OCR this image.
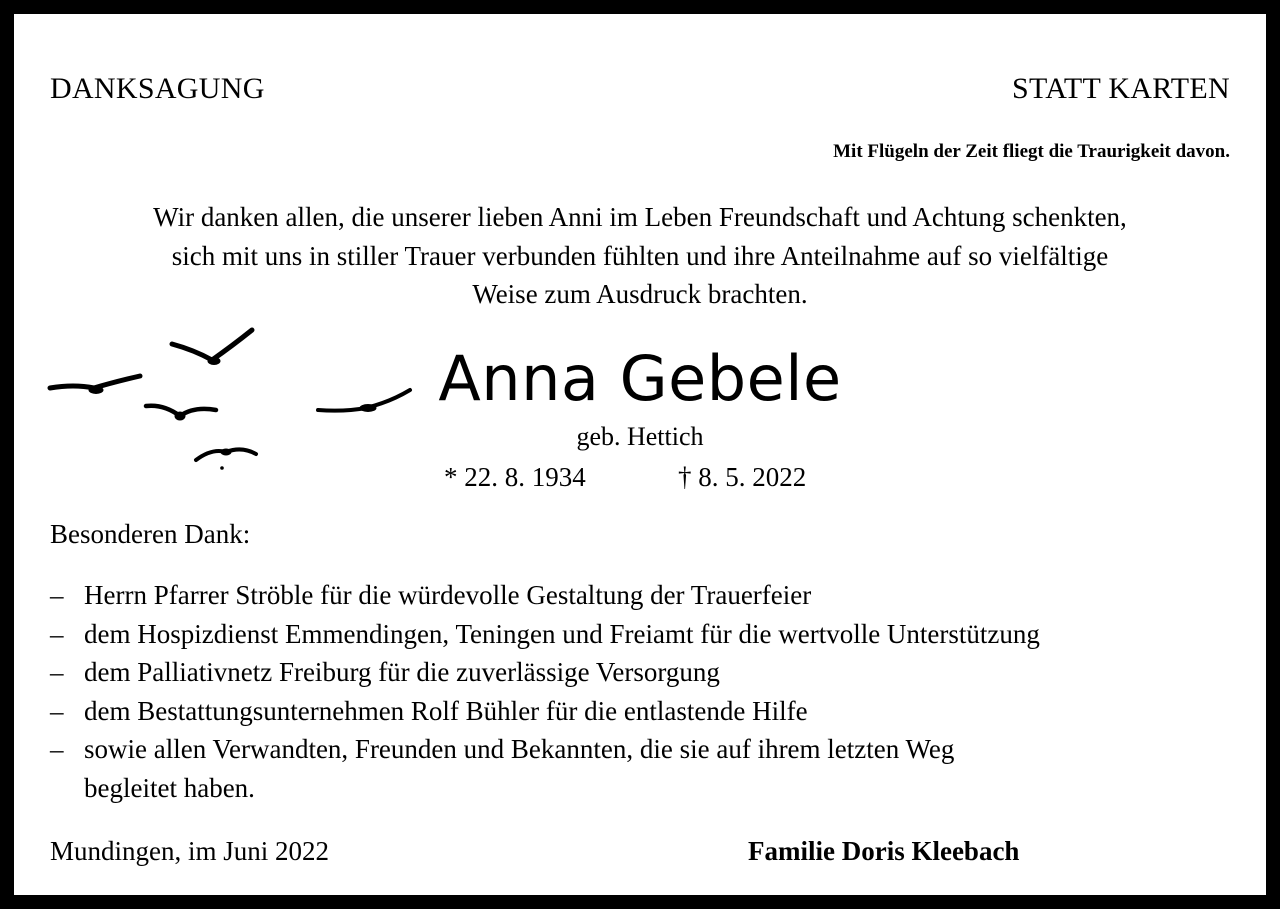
DANKSAGUNG	STATT KARTEN
Mit Flügeln der Zeit fliegt die Traurigkeit davon.
Wir danken allen, die unserer lieben Anni im Leben Freundschaft und Achtung schenkten,
sich mit uns in stiller Trauer verbunden fühlten und ihre Anteilnahme auf so vielfältige
Weise zum Ausdruck brachten.
Anna Gebele
geb. Hettich
* 22. 8. 1934	† 8. 5. 2022
Besonderen Dank:
– Herrn Pfarrer Ströble für die würdevolle Gestaltung der Trauerfeier
– dem Hospizdienst Emmendingen, Teningen und Freiamt für die wertvolle Unterstützung
– dem Palliativnetz Freiburg für die zuverlässige Versorgung
– dem Bestattungsunternehmen Rolf Bühler für die entlastende Hilfe
– sowie allen Verwandten, Freunden und Bekannten, die sie auf ihrem letzten Weg
begleitet haben.
Mundingen, im Juni 2022	Familie Doris Kleebach
